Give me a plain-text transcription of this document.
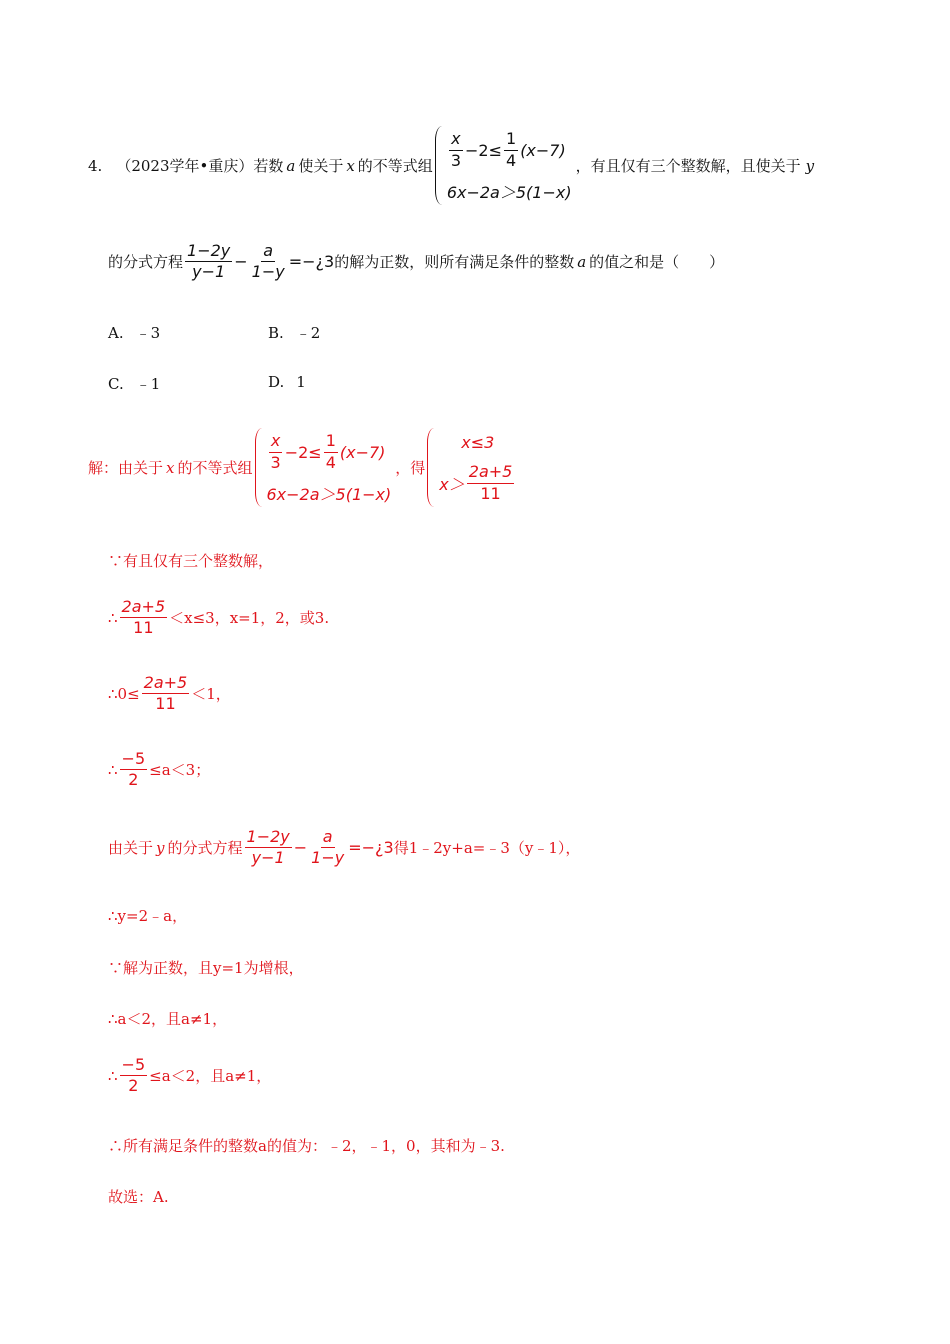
4. （2023学年•重庆） 若数 a 使关于 x 的不等式组 $\frac{x}{3} -2\le \frac{1}{4} (x-7)$
6x−2a＞5(1−x)
，有且仅有三个整数解，且使关于 y
的分式方程 $\frac{1-2y}{y-1} - \frac{a}{1-y}$ =−¿3 的解为正数，则所有满足条件的整数 a 的值之和是（　　）
A. ﹣3	B. ﹣2
C. ﹣1	D. 1
解：由关于 x 的不等式组 $\frac{x}{3} -2\le \frac{1}{4} (x-7)$
6x−2a＞5(1−x)
，得
x≤3
$x> \frac{2a+5}{11}$
∵有且仅有三个整数解，
∴ $\frac{2a+5}{11} <x\le 3$，x=1，2，或3.
∴0≤ $\frac{2a+5}{11} <1$，
∴ $\frac{-5}{2} \le a<3$；
由关于 y 的分式方程 $\frac{1-2y}{y-1} - \frac{a}{1-y}$ =−¿3 得1﹣2y+a=﹣3（y﹣1），
∴y=2﹣a，
∵解为正数，且y=1为增根，
∴a＜2，且a≠1，
∴ $\frac{-5}{2} \le a<2$，且a≠1，
∴所有满足条件的整数a的值为：﹣2，﹣1，0，其和为﹣3.
故选：A.
